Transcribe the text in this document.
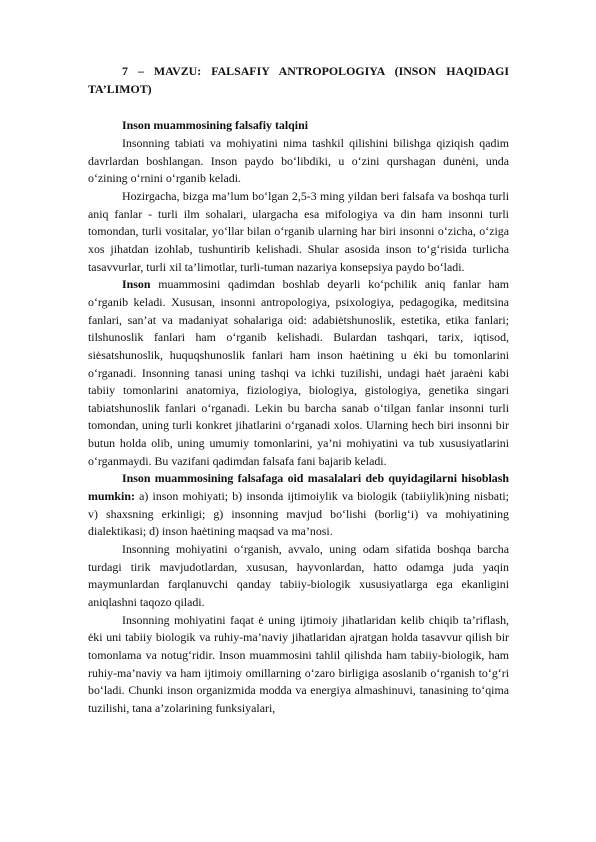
7 – MAVZU: FALSAFIY ANTROPOLOGIYA (INSON HAQIDAGI TA’LIMOT)

Inson muammosining falsafiy talqini

Insonning tabiati va mohiyatini nima tashkil qilishini bilishga qiziqish qadim davrlardan boshlangan. Inson paydo bo‘libdiki, u o‘zini qurshagan dunėni, unda o‘zining o‘rnini o‘rganib keladi.

Hozirgacha, bizga ma’lum bo‘lgan 2,5-3 ming yildan beri falsafa va boshqa turli aniq fanlar - turli ilm sohalari, ulargacha esa mifologiya va din ham insonni turli tomondan, turli vositalar, yo‘llar bilan o‘rganib ularning har biri insonni o‘zicha, o‘ziga xos jihatdan izohlab, tushuntirib kelishadi. Shular asosida inson to‘g‘risida turlicha tasavvurlar, turli xil ta’limotlar, turli-tuman nazariya konsepsiya paydo bo‘ladi.

Inson muammosini qadimdan boshlab deyarli ko‘pchilik aniq fanlar ham o‘rganib keladi. Xususan, insonni antropologiya, psixologiya, pedagogika, meditsina fanlari, san’at va madaniyat sohalariga oid: adabiėtshunoslik, estetika, etika fanlari; tilshunoslik fanlari ham o‘rganib kelishadi. Bulardan tashqari, tarix, iqtisod, siėsatshunoslik, huquqshunoslik fanlari ham inson haėtining u ėki bu tomonlarini o‘rganadi. Insonning tanasi uning tashqi va ichki tuzilishi, undagi haėt jaraėni kabi tabiiy tomonlarini anatomiya, fiziologiya, biologiya, gistologiya, genetika singari tabiatshunoslik fanlari o‘rganadi. Lekin bu barcha sanab o‘tilgan fanlar insonni turli tomondan, uning turli konkret jihatlarini o‘rganadi xolos. Ularning hech biri insonni bir butun holda olib, uning umumiy tomonlarini, ya’ni mohiyatini va tub xususiyatlarini o‘rganmaydi. Bu vazifani qadimdan falsafa fani bajarib keladi.

Inson muammosining falsafaga oid masalalari deb quyidagilarni hisoblash mumkin: a) inson mohiyati; b) insonda ijtimoiylik va biologik (tabiiylik)ning nisbati; v) shaxsning erkinligi; g) insonning mavjud bo‘lishi (borlig‘i) va mohiyatining dialektikasi; d) inson haėtining maqsad va ma’nosi.

Insonning mohiyatini o‘rganish, avvalo, uning odam sifatida boshqa barcha turdagi tirik mavjudotlardan, xususan, hayvonlardan, hatto odamga juda yaqin maymunlardan farqlanuvchi qanday tabiiy-biologik xususiyatlarga ega ekanligini aniqlashni taqozo qiladi.

Insonning mohiyatini faqat ė uning ijtimoiy jihatlaridan kelib chiqib ta’riflash, ėki uni tabiiy biologik va ruhiy-ma’naviy jihatlaridan ajratgan holda tasavvur qilish bir tomonlama va notug‘ridir. Inson muammosini tahlil qilishda ham tabiiy-biologik, ham ruhiy-ma’naviy va ham ijtimoiy omillarning o‘zaro birligiga asoslanib o‘rganish to‘g‘ri bo‘ladi. Chunki inson organizmida modda va energiya almashinuvi, tanasining to‘qima tuzilishi, tana a’zolarining funksiyalari,
